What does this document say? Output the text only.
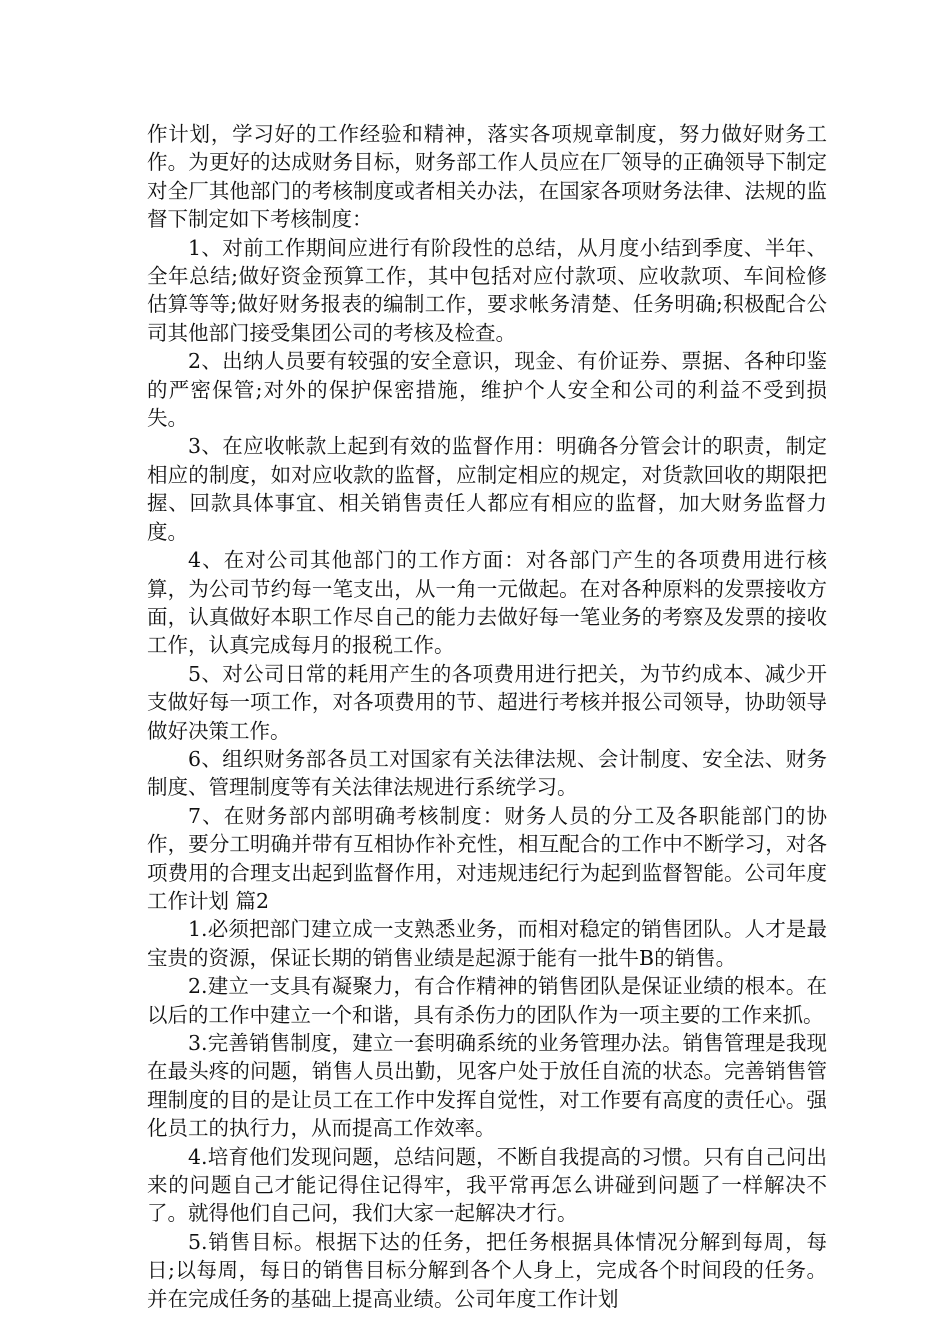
作计划，学习好的工作经验和精神，落实各项规章制度，努力做好财务工作。为更好的达成财务目标，财务部工作人员应在厂领导的正确领导下制定对全厂其他部门的考核制度或者相关办法，在国家各项财务法律、法规的监督下制定如下考核制度：

1、对前工作期间应进行有阶段性的总结，从月度小结到季度、半年、全年总结;做好资金预算工作，其中包括对应付款项、应收款项、车间检修估算等等;做好财务报表的编制工作，要求帐务清楚、任务明确;积极配合公司其他部门接受集团公司的考核及检查。

2、出纳人员要有较强的安全意识，现金、有价证券、票据、各种印鉴的严密保管;对外的保护保密措施，维护个人安全和公司的利益不受到损失。

3、在应收帐款上起到有效的监督作用：明确各分管会计的职责，制定相应的制度，如对应收款的监督，应制定相应的规定，对货款回收的期限把握、回款具体事宜、相关销售责任人都应有相应的监督，加大财务监督力度。

4、在对公司其他部门的工作方面：对各部门产生的各项费用进行核算，为公司节约每一笔支出，从一角一元做起。在对各种原料的发票接收方面，认真做好本职工作尽自己的能力去做好每一笔业务的考察及发票的接收工作，认真完成每月的报税工作。

5、对公司日常的耗用产生的各项费用进行把关，为节约成本、减少开支做好每一项工作，对各项费用的节、超进行考核并报公司领导，协助领导做好决策工作。

6、组织财务部各员工对国家有关法律法规、会计制度、安全法、财务制度、管理制度等有关法律法规进行系统学习。

7、在财务部内部明确考核制度：财务人员的分工及各职能部门的协作，要分工明确并带有互相协作补充性，相互配合的工作中不断学习，对各项费用的合理支出起到监督作用，对违规违纪行为起到监督智能。公司年度工作计划 篇2

1.必须把部门建立成一支熟悉业务，而相对稳定的销售团队。人才是最宝贵的资源，保证长期的销售业绩是起源于能有一批牛B的销售。

2.建立一支具有凝聚力，有合作精神的销售团队是保证业绩的根本。在以后的工作中建立一个和谐，具有杀伤力的团队作为一项主要的工作来抓。

3.完善销售制度，建立一套明确系统的业务管理办法。销售管理是我现在最头疼的问题，销售人员出勤，见客户处于放任自流的状态。完善销售管理制度的目的是让员工在工作中发挥自觉性，对工作要有高度的责任心。强化员工的执行力，从而提高工作效率。

4.培育他们发现问题，总结问题，不断自我提高的习惯。只有自己问出来的问题自己才能记得住记得牢，我平常再怎么讲碰到问题了一样解决不了。就得他们自己问，我们大家一起解决才行。

5.销售目标。根据下达的任务，把任务根据具体情况分解到每周，每日;以每周，每日的销售目标分解到各个人身上，完成各个时间段的任务。并在完成任务的基础上提高业绩。公司年度工作计划
